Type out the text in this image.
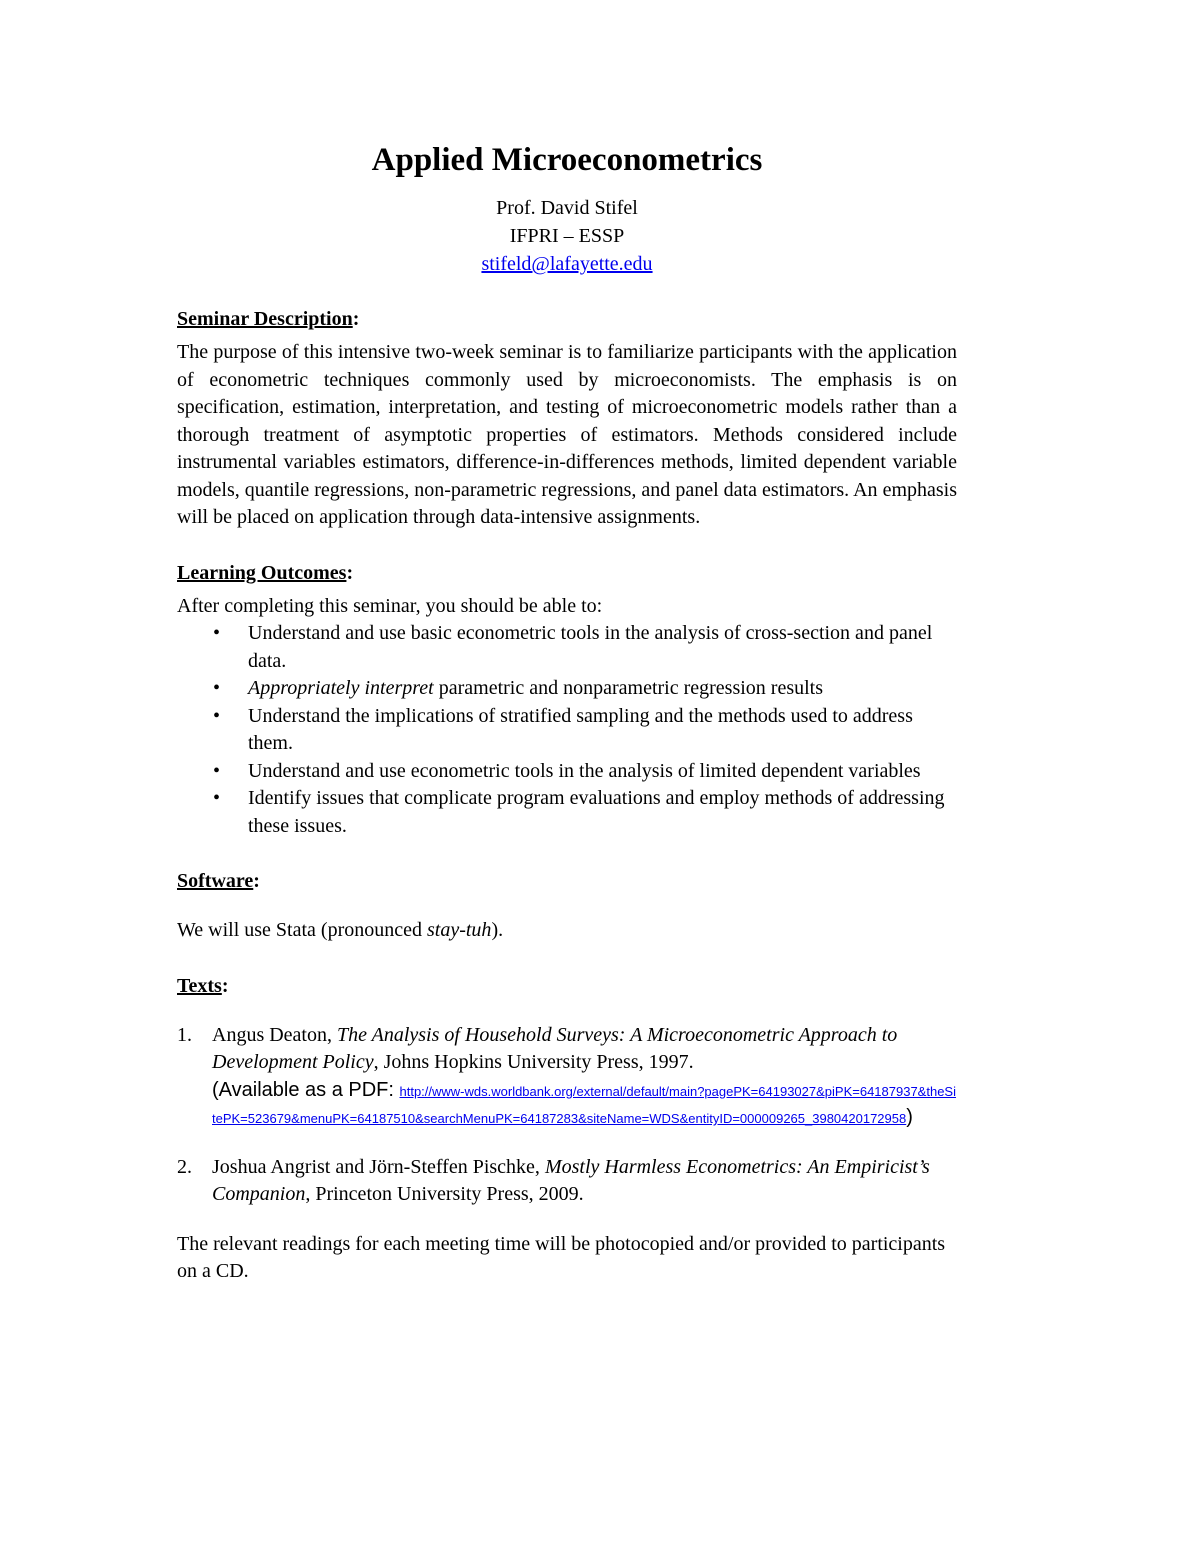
Applied Microeconometrics

Prof. David Stifel

IFPRI – ESSP

stifeld@lafayette.edu

Seminar Description:

The purpose of this intensive two-week seminar is to familiarize participants with the application of econometric techniques commonly used by microeconomists. The emphasis is on specification, estimation, interpretation, and testing of microeconometric models rather than a thorough treatment of asymptotic properties of estimators. Methods considered include instrumental variables estimators, difference-in-differences methods, limited dependent variable models, quantile regressions, non-parametric regressions, and panel data estimators. An emphasis will be placed on application through data-intensive assignments.

Learning Outcomes:

After completing this seminar, you should be able to:

• Understand and use basic econometric tools in the analysis of cross-section and panel data.
• Appropriately interpret parametric and nonparametric regression results
• Understand the implications of stratified sampling and the methods used to address them.
• Understand and use econometric tools in the analysis of limited dependent variables
• Identify issues that complicate program evaluations and employ methods of addressing these issues.

Software:

We will use Stata (pronounced stay-tuh).

Texts:

1. Angus Deaton, The Analysis of Household Surveys: A Microeconometric Approach to Development Policy, Johns Hopkins University Press, 1997.
(Available as a PDF: http://www-wds.worldbank.org/external/default/main?pagePK=64193027&piPK=64187937&theSitePK=523679&menuPK=64187510&searchMenuPK=64187283&siteName=WDS&entityID=000009265_3980420172958)
2. Joshua Angrist and Jörn-Steffen Pischke, Mostly Harmless Econometrics: An Empiricist’s Companion, Princeton University Press, 2009.

The relevant readings for each meeting time will be photocopied and/or provided to participants on a CD.
